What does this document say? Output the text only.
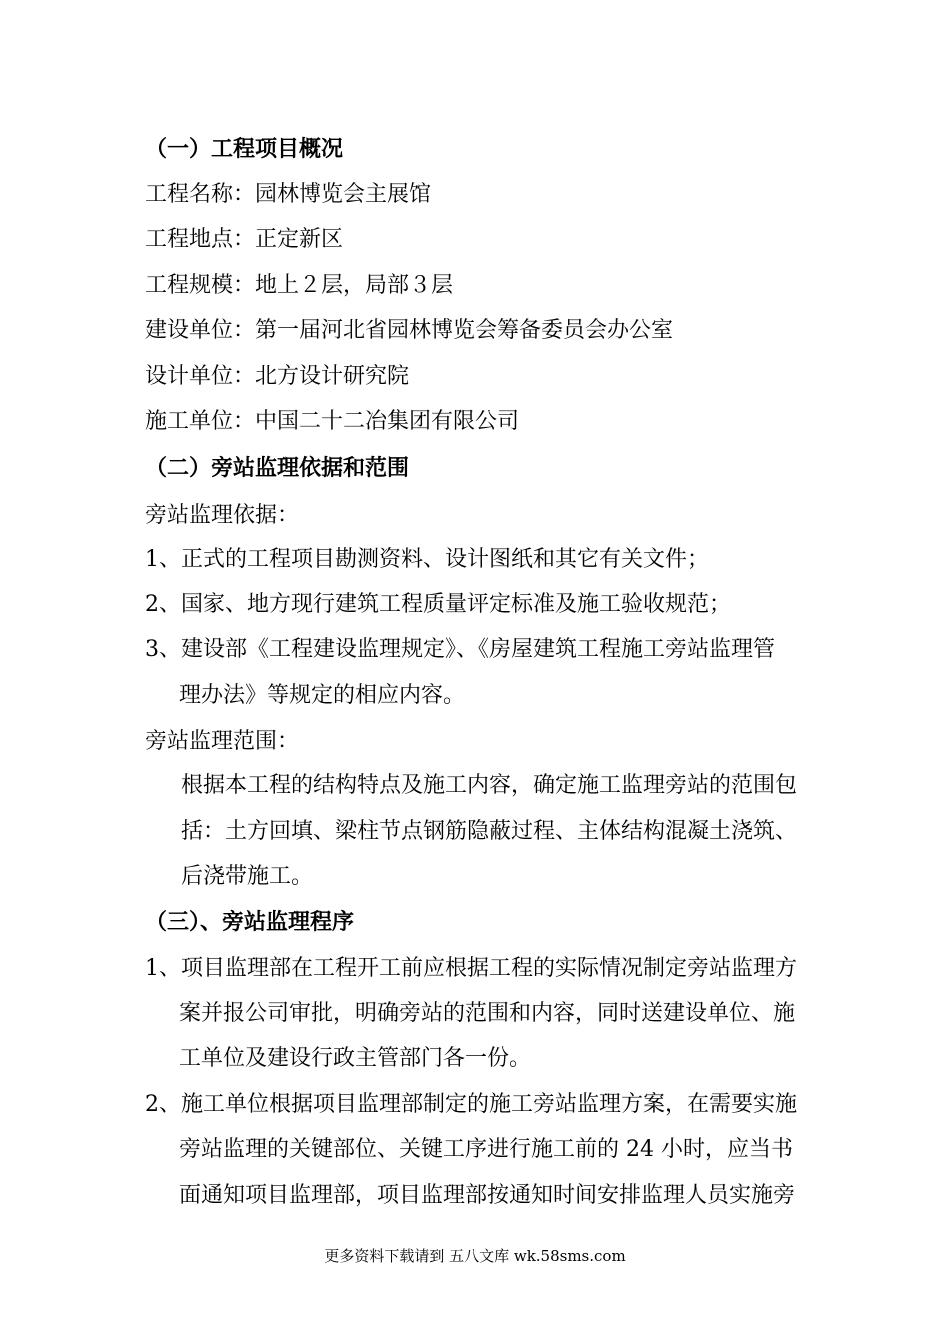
（一）工程项目概况
工程名称：园林博览会主展馆
工程地点：正定新区
工程规模：地上２层，局部３层
建设单位：第一届河北省园林博览会筹备委员会办公室
设计单位：北方设计研究院
施工单位：中国二十二冶集团有限公司
（二）旁站监理依据和范围
旁站监理依据：
1、正式的工程项目勘测资料、设计图纸和其它有关文件；
2、国家、地方现行建筑工程质量评定标准及施工验收规范；
3、建设部《工程建设监理规定》、《房屋建筑工程施工旁站监理管
理办法》等规定的相应内容。
旁站监理范围：
根据本工程的结构特点及施工内容，确定施工监理旁站的范围包
括：土方回填、梁柱节点钢筋隐蔽过程、主体结构混凝土浇筑、
后浇带施工。
（三）、旁站监理程序
1、项目监理部在工程开工前应根据工程的实际情况制定旁站监理方
案并报公司审批，明确旁站的范围和内容，同时送建设单位、施
工单位及建设行政主管部门各一份。
2、施工单位根据项目监理部制定的施工旁站监理方案，在需要实施
旁站监理的关键部位、关键工序进行施工前的 24 小时，应当书
面通知项目监理部，项目监理部按通知时间安排监理人员实施旁
更多资料下载请到 五八文库 wk.58sms.com
